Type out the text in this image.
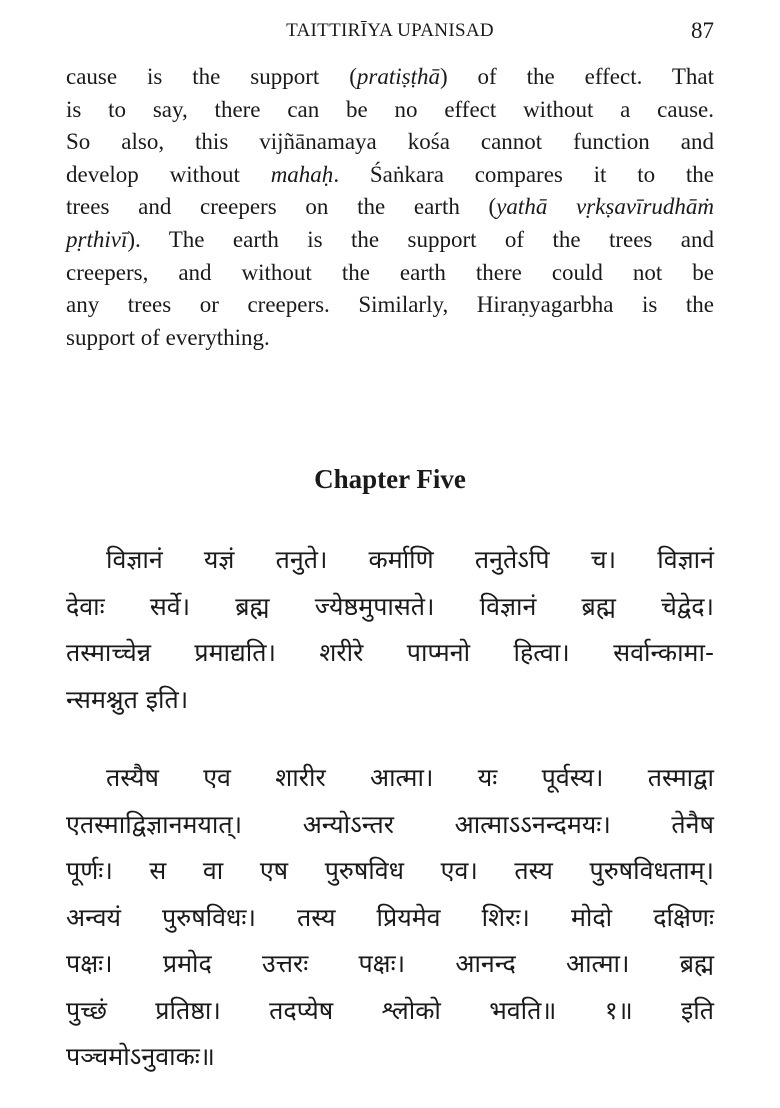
TAITTIRĪYA UPANISAD	87
cause is the support (pratiṣṭhā) of the effect. That
is to say, there can be no effect without a cause.
So also, this vijñānamaya kośa cannot function and
develop without mahaḥ. Śaṅkara compares it to the
trees and creepers on the earth (yathā vṛkṣavīrudhāṁ
pṛthivī). The earth is the support of the trees and
creepers, and without the earth there could not be
any trees or creepers. Similarly, Hiraṇyagarbha is the
support of everything.
Chapter Five
विज्ञानं यज्ञं तनुते। कर्माणि तनुतेऽपि च। विज्ञानं
देवाः सर्वे। ब्रह्म ज्येष्ठमुपासते। विज्ञानं ब्रह्म चेद्वेद।
तस्माच्चेन्न प्रमाद्यति। शरीरे पाप्मनो हित्वा। सर्वान्कामा-
न्समश्नुत इति।
तस्यैष एव शारीर आत्मा। यः पूर्वस्य। तस्माद्वा
एतस्माद्विज्ञानमयात्। अन्योऽन्तर आत्माऽऽनन्दमयः। तेनैष
पूर्णः। स वा एष पुरुषविध एव। तस्य पुरुषविधताम्।
अन्वयं पुरुषविधः। तस्य प्रियमेव शिरः। मोदो दक्षिणः
पक्षः। प्रमोद उत्तरः पक्षः। आनन्द आत्मा। ब्रह्म
पुच्छं प्रतिष्ठा। तदप्येष श्लोको भवति॥ १॥ इति
पञ्चमोऽनुवाकः॥
